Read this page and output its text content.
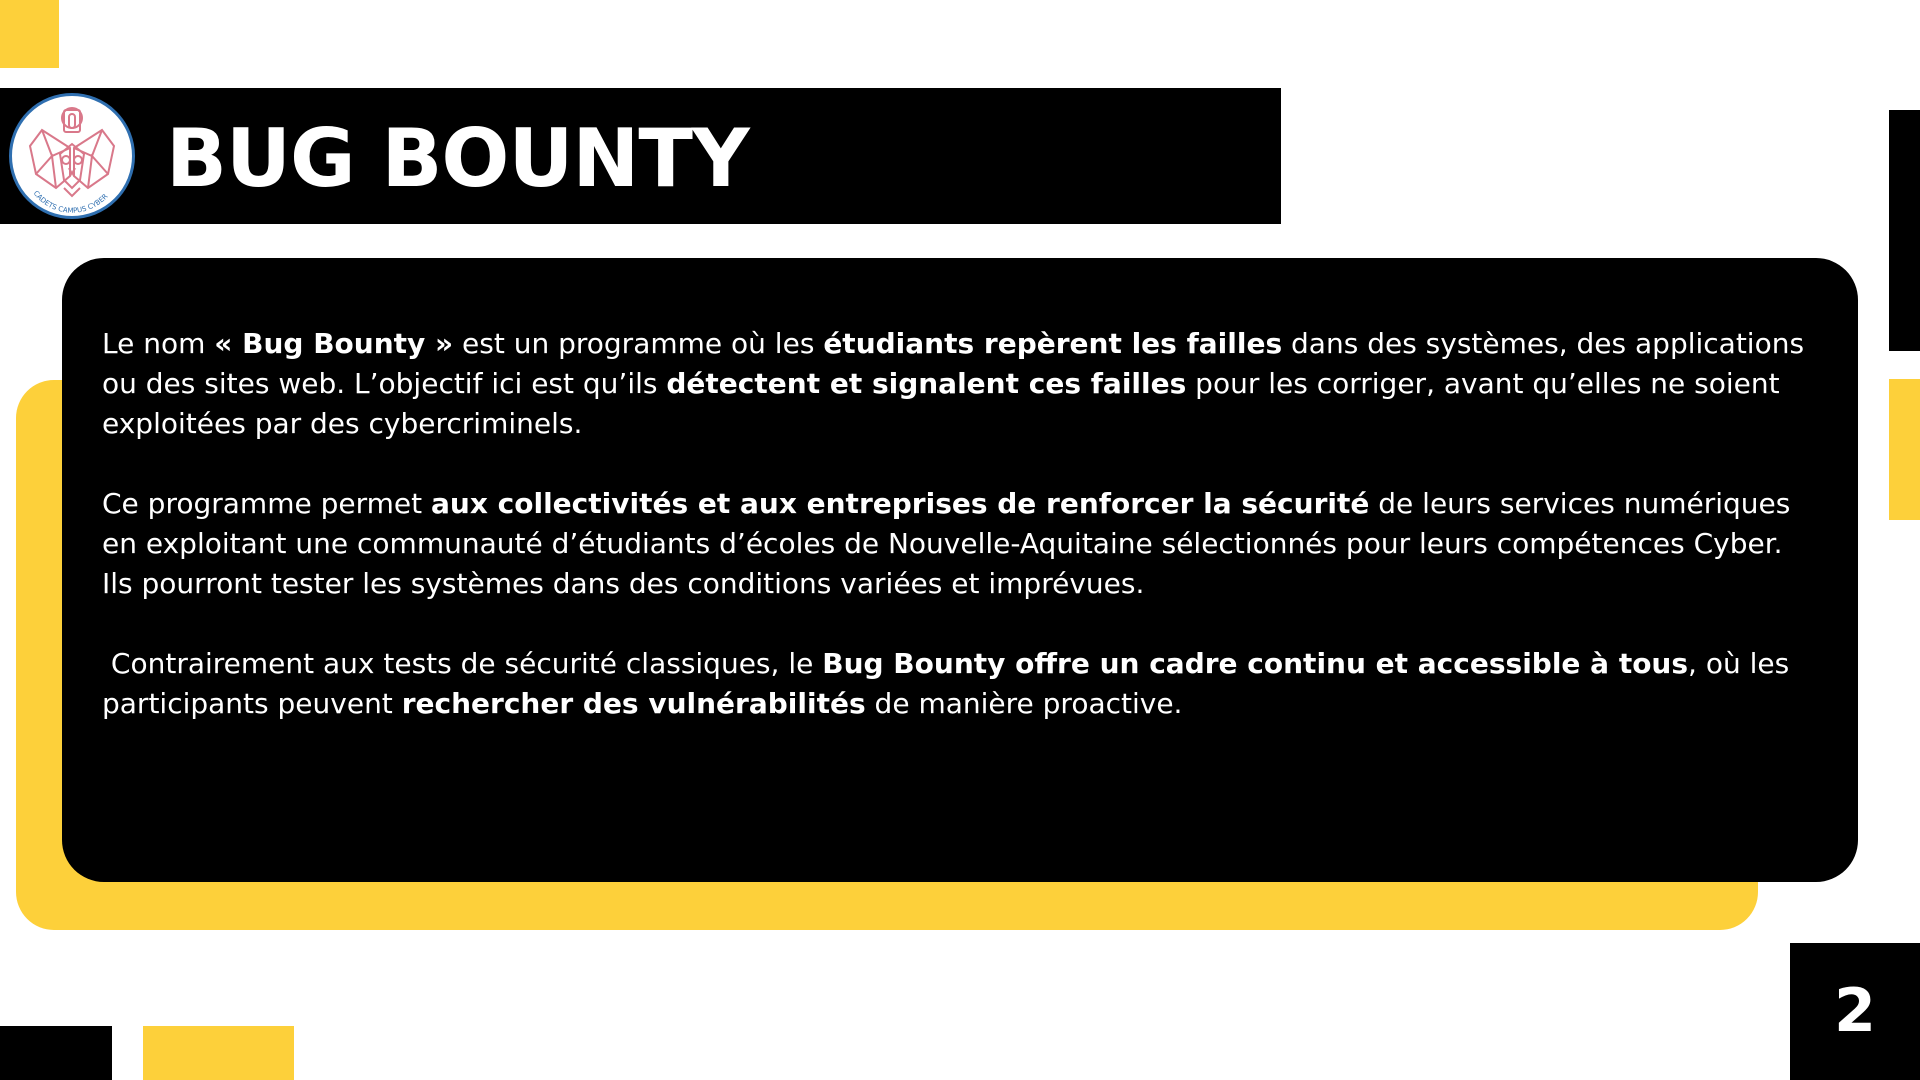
CADETS CAMPUS CYBER BUG BOUNTY

Le nom « Bug Bounty » est un programme où les étudiants repèrent les failles dans des systèmes, des applications ou des sites web. L’objectif ici est qu’ils détectent et signalent ces failles pour les corriger, avant qu’elles ne soient exploitées par des cybercriminels.

Ce programme permet aux collectivités et aux entreprises de renforcer la sécurité de leurs services numériques en exploitant une communauté d’étudiants d’écoles de Nouvelle-Aquitaine sélectionnés pour leurs compétences Cyber. Ils pourront tester les systèmes dans des conditions variées et imprévues.

Contrairement aux tests de sécurité classiques, le Bug Bounty offre un cadre continu et accessible à tous, où les participants peuvent rechercher des vulnérabilités de manière proactive.

2
